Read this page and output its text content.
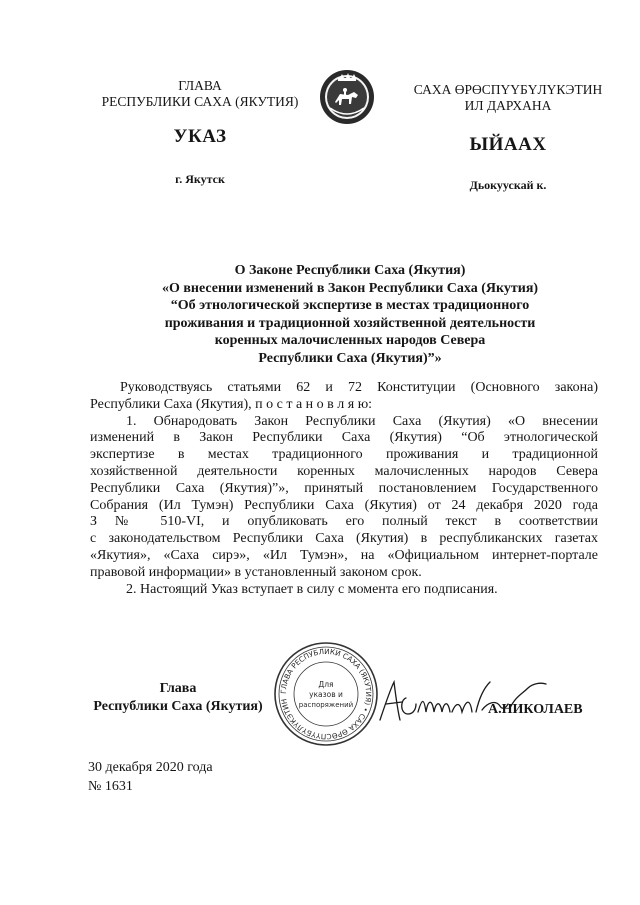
ГЛАВА
РЕСПУБЛИКИ САХА (ЯКУТИЯ)
САХА ӨРӨСПҮҮБҮЛҮКЭТИН
ИЛ ДАРХАНА
УКАЗ	ЫЙААХ
г. Якутск	Дьокуускай к.
О Законе Республики Саха (Якутия)
«О внесении изменений в Закон Республики Саха (Якутия)
“Об этнологической экспертизе в местах традиционного
проживания и традиционной хозяйственной деятельности
коренных малочисленных народов Севера
Республики Саха (Якутия)”»
Руководствуясь статьями 62 и 72 Конституции (Основного закона)
Республики Саха (Якутия), п о с т а н о в л я ю:
1. Обнародовать Закон Республики Саха (Якутия) «О внесении
изменений в Закон Республики Саха (Якутия) “Об этнологической
экспертизе в местах традиционного проживания и традиционной
хозяйственной деятельности коренных малочисленных народов Севера
Республики Саха (Якутия)”», принятый постановлением Государственного
Собрания (Ил Тумэн) Республики Саха (Якутия) от 24 декабря 2020 года
З № 510-VI, и опубликовать его полный текст в соответствии
с законодательством Республики Саха (Якутия) в республиканских газетах
«Якутия», «Саха сирэ», «Ил Тумэн», на «Официальном интернет-портале
правовой информации» в установленный законом срок.
2. Настоящий Указ вступает в силу с момента его подписания.
Глава
Республики Саха (Якутия)
ГЛАВА РЕСПУБЛИКИ САХА (ЯКУТИЯ) • САХА ӨРӨСПҮҮБҮЛҮКЭТИН
Для
указов и
распоряжений	А.НИКОЛАЕВ
30 декабря 2020 года
№ 1631
